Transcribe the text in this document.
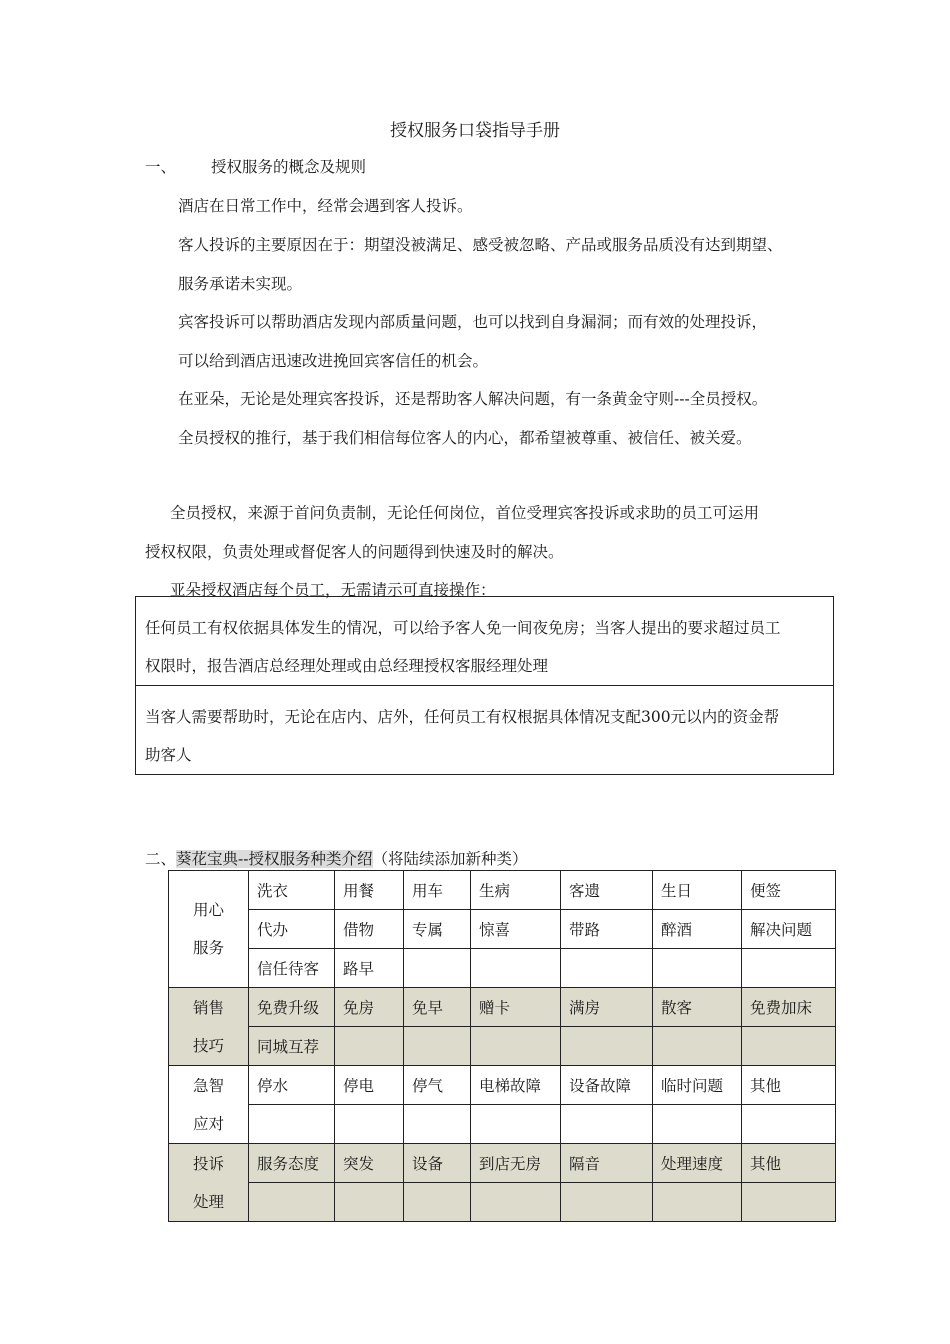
授权服务口袋指导手册
一、 授权服务的概念及规则
酒店在日常工作中，经常会遇到客人投诉。
客人投诉的主要原因在于：期望没被满足、感受被忽略、产品或服务品质没有达到期望、
服务承诺未实现。
宾客投诉可以帮助酒店发现内部质量问题，也可以找到自身漏洞；而有效的处理投诉，
可以给到酒店迅速改进挽回宾客信任的机会。
在亚朵，无论是处理宾客投诉，还是帮助客人解决问题，有一条黄金守则---全员授权。
全员授权的推行，基于我们相信每位客人的内心，都希望被尊重、被信任、被关爱。
全员授权，来源于首问负责制，无论任何岗位，首位受理宾客投诉或求助的员工可运用
授权权限，负责处理或督促客人的问题得到快速及时的解决。
亚朵授权酒店每个员工，无需请示可直接操作：
任何员工有权依据具体发生的情况，可以给予客人免一间夜免房；当客人提出的要求超过员工
权限时，报告酒店总经理处理或由总经理授权客服经理处理

当客人需要帮助时，无论在店内、店外，任何员工有权根据具体情况支配300元以内的资金帮
助客人
二、葵花宝典--授权服务种类介绍（将陆续添加新种类）
用心
服务	洗衣	用餐	用车	生病	客遗	生日	便签
	代办	借物	专属	惊喜	带路	醉酒	解决问题
	信任待客	路早					

销售
技巧	免费升级	免房	免早	赠卡	满房	散客	免费加床
	同城互荐						

急智
应对	停水	停电	停气	电梯故障	设备故障	临时问题	其他

投诉
处理	服务态度	突发	设备	到店无房	隔音	处理速度	其他
